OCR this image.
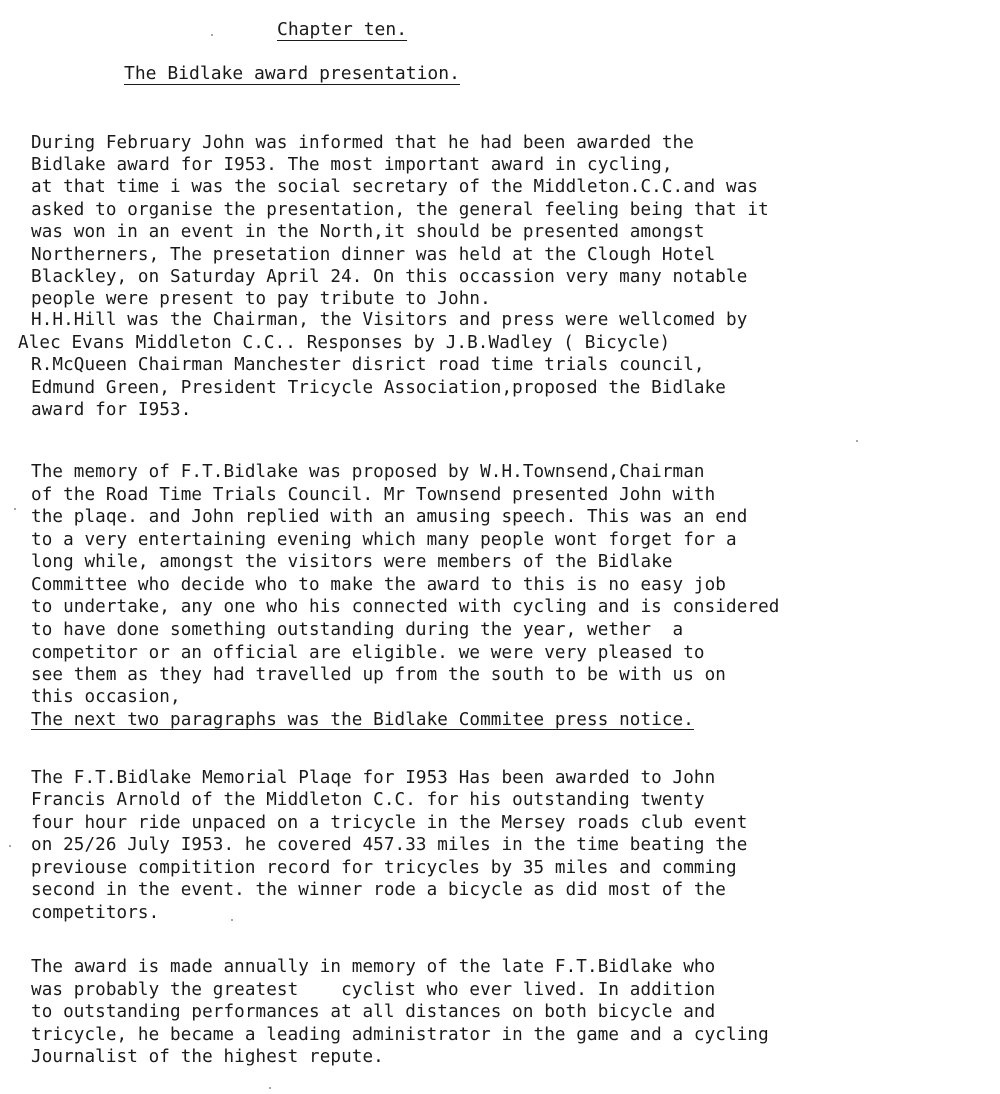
Chapter ten.
The Bidlake award presentation.
During February John was informed that he had been awarded the
Bidlake award for I953. The most important award in cycling,
at that time i was the social secretary of the Middleton.C.C.and was
asked to organise the presentation, the general feeling being that it
was won in an event in the North,it should be presented amongst
Northerners, The presetation dinner was held at the Clough Hotel
Blackley, on Saturday April 24. On this occassion very many notable
people were present to pay tribute to John.
H.H.Hill was the Chairman, the Visitors and press were wellcomed by
Alec Evans Middleton C.C.. Responses by J.B.Wadley ( Bicycle)
R.McQueen Chairman Manchester disrict road time trials council,
Edmund Green, President Tricycle Association,proposed the Bidlake
award for I953.
The memory of F.T.Bidlake was proposed by W.H.Townsend,Chairman
of the Road Time Trials Council. Mr Townsend presented John with
the plaqe. and John replied with an amusing speech. This was an end
to a very entertaining evening which many people wont forget for a
long while, amongst the visitors were members of the Bidlake
Committee who decide who to make the award to this is no easy job
to undertake, any one who his connected with cycling and is considered
to have done something outstanding during the year, wether  a
competitor or an official are eligible. we were very pleased to
see them as they had travelled up from the south to be with us on
this occasion,
The next two paragraphs was the Bidlake Commitee press notice.
The F.T.Bidlake Memorial Plaqe for I953 Has been awarded to John
Francis Arnold of the Middleton C.C. for his outstanding twenty
four hour ride unpaced on a tricycle in the Mersey roads club event
on 25/26 July I953. he covered 457.33 miles in the time beating the
previouse compitition record for tricycles by 35 miles and comming
second in the event. the winner rode a bicycle as did most of the
competitors.
The award is made annually in memory of the late F.T.Bidlake who
was probably the greatest    cyclist who ever lived. In addition
to outstanding performances at all distances on both bicycle and
tricycle, he became a leading administrator in the game and a cycling
Journalist of the highest repute.
